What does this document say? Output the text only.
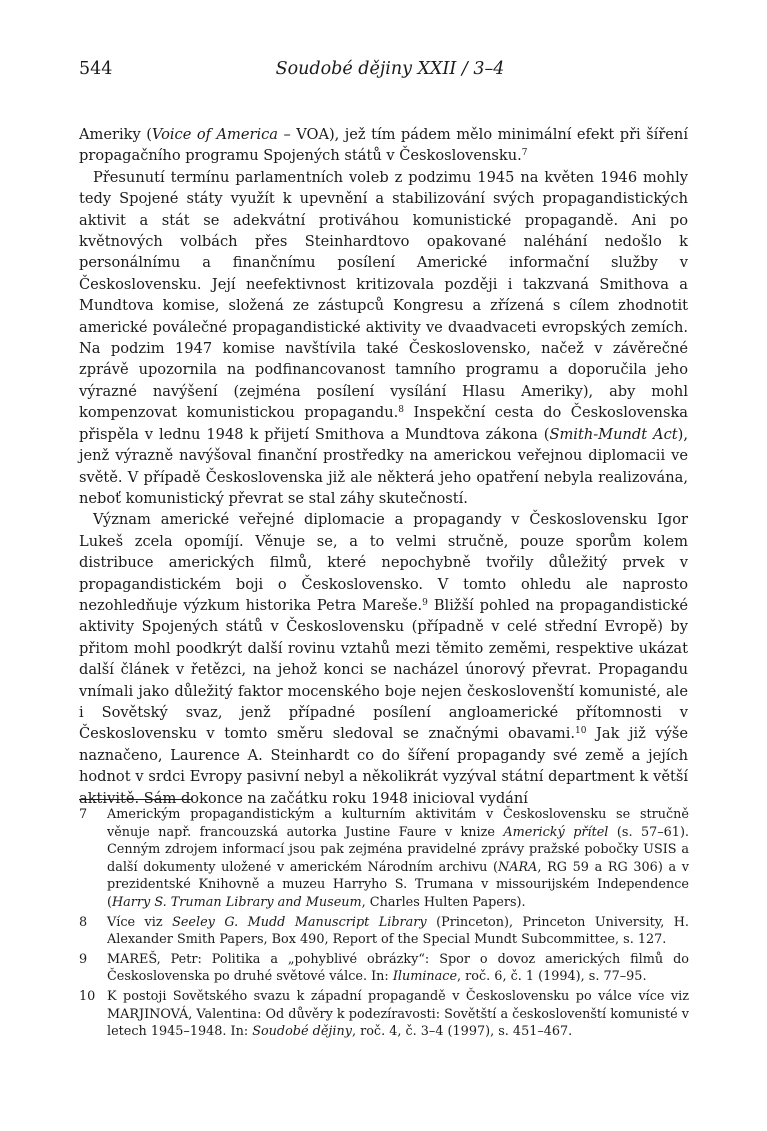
544	Soudobé dějiny XXII / 3–4

Ameriky (Voice of America – VOA), jež tím pádem mělo minimální efekt při šíření propagačního programu Spojených států v Československu.$^7$

Přesunutí termínu parlamentních voleb z podzimu 1945 na květen 1946 mohly tedy Spojené státy využít k upevnění a stabilizování svých propagandistických aktivit a stát se adekvátní protiváhou komunistické propagandě. Ani po květnových volbách přes Steinhardtovo opakované naléhání nedošlo k personálnímu a finančnímu posílení Americké informační služby v Československu. Její neefektivnost kritizovala později i takzvaná Smithova a Mundtova komise, složená ze zástupců Kongresu a zřízená s cílem zhodnotit americké poválečné propagandistické aktivity ve dvaadvaceti evropských zemích. Na podzim 1947 komise navštívila také Československo, načež v závěrečné zprávě upozornila na podfinancovanost tamního programu a doporučila jeho výrazné navýšení (zejména posílení vysílání Hlasu Ameriky), aby mohl kompenzovat komunistickou propagandu.$^8$ Inspekční cesta do Československa přispěla v lednu 1948 k přijetí Smithova a Mundtova zákona (Smith-Mundt Act), jenž výrazně navýšoval finanční prostředky na americkou veřejnou diplomacii ve světě. V případě Československa již ale některá jeho opatření nebyla realizována, neboť komunistický převrat se stal záhy skutečností.

Význam americké veřejné diplomacie a propagandy v Československu Igor Lukeš zcela opomíjí. Věnuje se, a to velmi stručně, pouze sporům kolem distribuce amerických filmů, které nepochybně tvořily důležitý prvek v propagandistickém boji o Československo. V tomto ohledu ale naprosto nezohledňuje výzkum historika Petra Mareše.$^9$ Bližší pohled na propagandistické aktivity Spojených států v Československu (případně v celé střední Evropě) by přitom mohl poodkrýt další rovinu vztahů mezi těmito zeměmi, respektive ukázat další článek v řetězci, na jehož konci se nacházel únorový převrat. Propagandu vnímali jako důležitý faktor mocenského boje nejen českoslovenští komunisté, ale i Sovětský svaz, jenž případné posílení angloamerické přítomnosti v Československu v tomto směru sledoval se značnými obavami.$^{10}$ Jak již výše naznačeno, Laurence A. Steinhardt co do šíření propagandy své země a jejích hodnot v srdci Evropy pasivní nebyl a několikrát vyzýval státní department k větší aktivitě. Sám dokonce na začátku roku 1948 inicioval vydání

7 Americkým propagandistickým a kulturním aktivitám v Československu se stručně věnuje např. francouzská autorka Justine Faure v knize Americký přítel (s. 57–61). Cenným zdrojem informací jsou pak zejména pravidelné zprávy pražské pobočky USIS a další dokumenty uložené v americkém Národním archivu (NARA, RG 59 a RG 306) a v prezidentské Knihovně a muzeu Harryho S. Trumana v missourijském Independence (Harry S. Truman Library and Museum, Charles Hulten Papers).
8 Více viz Seeley G. Mudd Manuscript Library (Princeton), Princeton University, H. Alexander Smith Papers, Box 490, Report of the Special Mundt Subcommittee, s. 127.
9 MAREŠ, Petr: Politika a „pohyblivé obrázky“: Spor o dovoz amerických filmů do Československa po druhé světové válce. In: Iluminace, roč. 6, č. 1 (1994), s. 77–95.
10 K postoji Sovětského svazu k západní propagandě v Československu po válce více viz MARJINOVÁ, Valentina: Od důvěry k podezíravosti: Sovětští a českoslovenští komunisté v letech 1945–1948. In: Soudobé dějiny, roč. 4, č. 3–4 (1997), s. 451–467.
